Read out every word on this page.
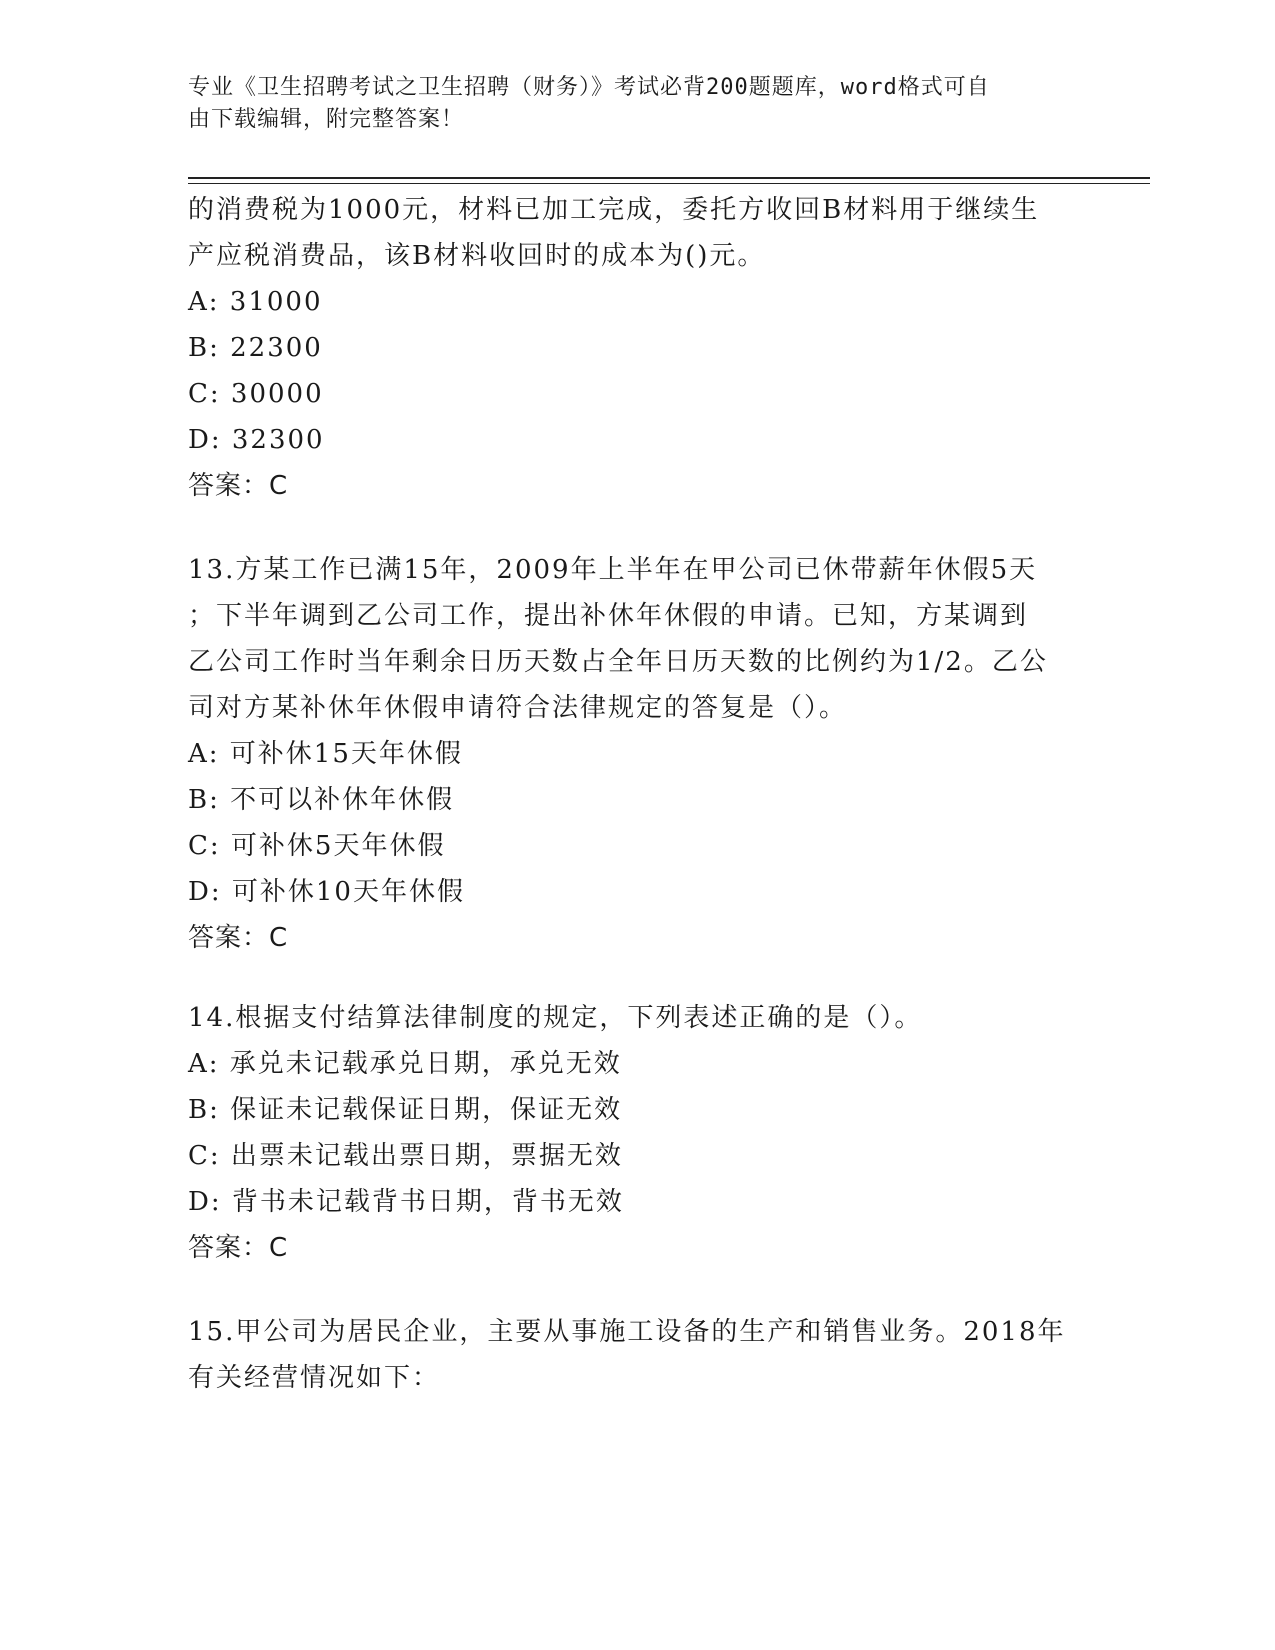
专业《卫生招聘考试之卫生招聘（财务）》考试必背200题题库，word格式可自
由下载编辑，附完整答案！
的消费税为1000元，材料已加工完成，委托方收回B材料用于继续生
产应税消费品，该B材料收回时的成本为()元。
A: 31000
B: 22300
C: 30000
D: 32300
答案：C
13.方某工作已满15年，2009年上半年在甲公司已休带薪年休假5天
；下半年调到乙公司工作，提出补休年休假的申请。已知，方某调到
乙公司工作时当年剩余日历天数占全年日历天数的比例约为1/2。乙公
司对方某补休年休假申请符合法律规定的答复是（）。
A: 可补休15天年休假
B: 不可以补休年休假
C: 可补休5天年休假
D: 可补休10天年休假
答案：C
14.根据支付结算法律制度的规定，下列表述正确的是（）。
A: 承兑未记载承兑日期，承兑无效
B: 保证未记载保证日期，保证无效
C: 出票未记载出票日期，票据无效
D: 背书未记载背书日期，背书无效
答案：C
15.甲公司为居民企业，主要从事施工设备的生产和销售业务。2018年
有关经营情况如下：
